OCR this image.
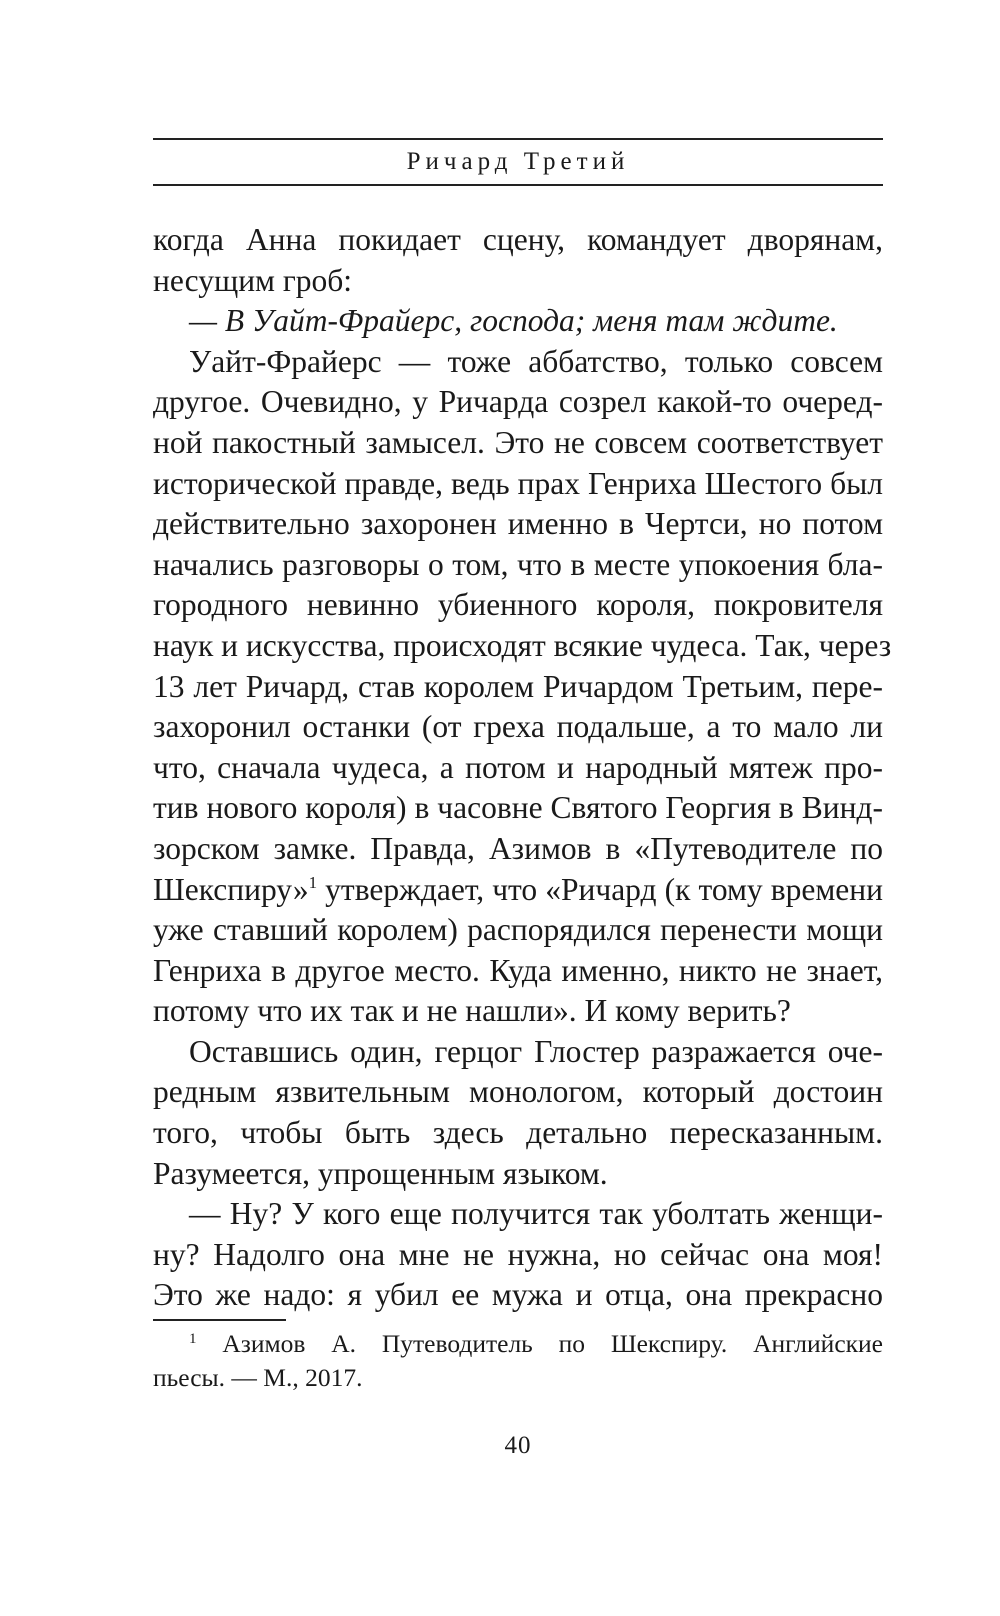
Ричард Третий
когда Анна покидает сцену, командует дворянам,
несущим гроб:
— В Уайт-Фрайерс, господа; меня там ждите.
Уайт-Фрайерс — тоже аббатство, только совсем
другое. Очевидно, у Ричарда созрел какой-то очеред-
ной пакостный замысел. Это не совсем соответствует
исторической правде, ведь прах Генриха Шестого был
действительно захоронен именно в Чертси, но потом
начались разговоры о том, что в месте упокоения бла-
городного невинно убиенного короля, покровителя
наук и искусства, происходят всякие чудеса. Так, через
13 лет Ричард, став королем Ричардом Третьим, пере-
захоронил останки (от греха подальше, а то мало ли
что, сначала чудеса, а потом и народный мятеж про-
тив нового короля) в часовне Святого Георгия в Винд-
зорском замке. Правда, Азимов в «Путеводителе по
Шекспиру»$^1$ утверждает, что «Ричард (к тому времени
уже ставший королем) распорядился перенести мощи
Генриха в другое место. Куда именно, никто не знает,
потому что их так и не нашли». И кому верить?
Оставшись один, герцог Глостер разражается оче-
редным язвительным монологом, который достоин
того, чтобы быть здесь детально пересказанным.
Разумеется, упрощенным языком.
— Ну? У кого еще получится так уболтать женщи-
ну? Надолго она мне не нужна, но сейчас она моя!
Это же надо: я убил ее мужа и отца, она прекрасно
$^1$ Азимов А. Путеводитель по Шекспиру. Английские
пьесы. — М., 2017.
40
